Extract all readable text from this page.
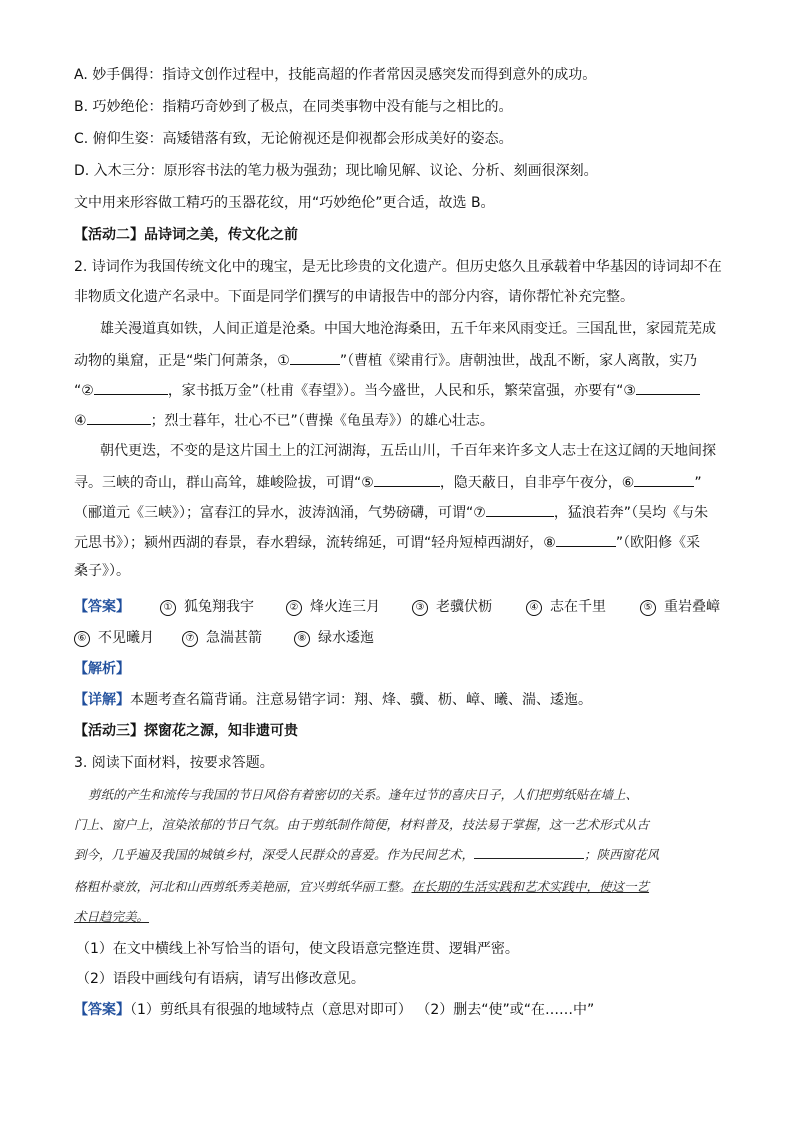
A. 妙手偶得：指诗文创作过程中，技能高超的作者常因灵感突发而得到意外的成功。
B. 巧妙绝伦：指精巧奇妙到了极点，在同类事物中没有能与之相比的。
C. 俯仰生姿：高矮错落有致，无论俯视还是仰视都会形成美好的姿态。
D. 入木三分：原形容书法的笔力极为强劲；现比喻见解、议论、分析、刻画很深刻。
文中用来形容做工精巧的玉器花纹，用“巧妙绝伦”更合适，故选 B。
【活动二】品诗词之美，传文化之前
2. 诗词作为我国传统文化中的瑰宝，是无比珍贵的文化遗产。但历史悠久且承载着中华基因的诗词却不在
非物质文化遗产名录中。下面是同学们撰写的申请报告中的部分内容，请你帮忙补充完整。
雄关漫道真如铁，人间正道是沧桑。中国大地沧海桑田，五千年来风雨变迁。三国乱世，家园荒芜成
动物的巢窟，正是“柴门何萧条，①	”（曹植《梁甫行》。唐朝浊世，战乱不断，家人离散，实乃
“②	，家书抵万金”（杜甫《春望》）。当今盛世，人民和乐，繁荣富强，亦要有“③
④	；烈士暮年，壮心不已”（曹操《龟虽寿》）的雄心壮志。
朝代更迭，不变的是这片国土上的江河湖海，五岳山川，千百年来许多文人志士在这辽阔的天地间探
寻。三峡的奇山，群山高耸，雄峻险拔，可谓“⑤	，隐天蔽日，自非亭午夜分，⑥	”
（郦道元《三峡》）；富春江的异水，波涛汹涌，气势磅礴，可谓“⑦	，猛浪若奔”（吴均《与朱
元思书》）；颍州西湖的春景，春水碧绿，流转绵延，可谓“轻舟短棹西湖好，⑧	”（欧阳修《采
桑子》）。
【答案】	① 狐兔翔我宇	② 烽火连三月	③ 老骥伏枥	④ 志在千里	⑤ 重岩叠嶂
⑥ 不见曦月	⑦ 急湍甚箭	⑧ 绿水逶迤
【解析】
【详解】本题考查名篇背诵。注意易错字词：翔、烽、骥、枥、嶂、曦、湍、逶迤。
【活动三】探窗花之源，知非遗可贵
3. 阅读下面材料，按要求答题。
剪纸的产生和流传与我国的节日风俗有着密切的关系。逢年过节的喜庆日子，人们把剪纸贴在墙上、
门上、窗户上，渲染浓郁的节日气氛。由于剪纸制作简便，材料普及，技法易于掌握，这一艺术形式从古
到今，几乎遍及我国的城镇乡村，深受人民群众的喜爱。作为民间艺术，	；陕西窗花风
格粗朴豪放，河北和山西剪纸秀美艳丽，宜兴剪纸华丽工整。在长期的生活实践和艺术实践中，使这一艺
术日趋完美。
（1）在文中横线上补写恰当的语句，使文段语意完整连贯、逻辑严密。
（2）语段中画线句有语病，请写出修改意见。
【答案】（1）剪纸具有很强的地域特点（意思对即可） （2）删去“使”或“在……中”
